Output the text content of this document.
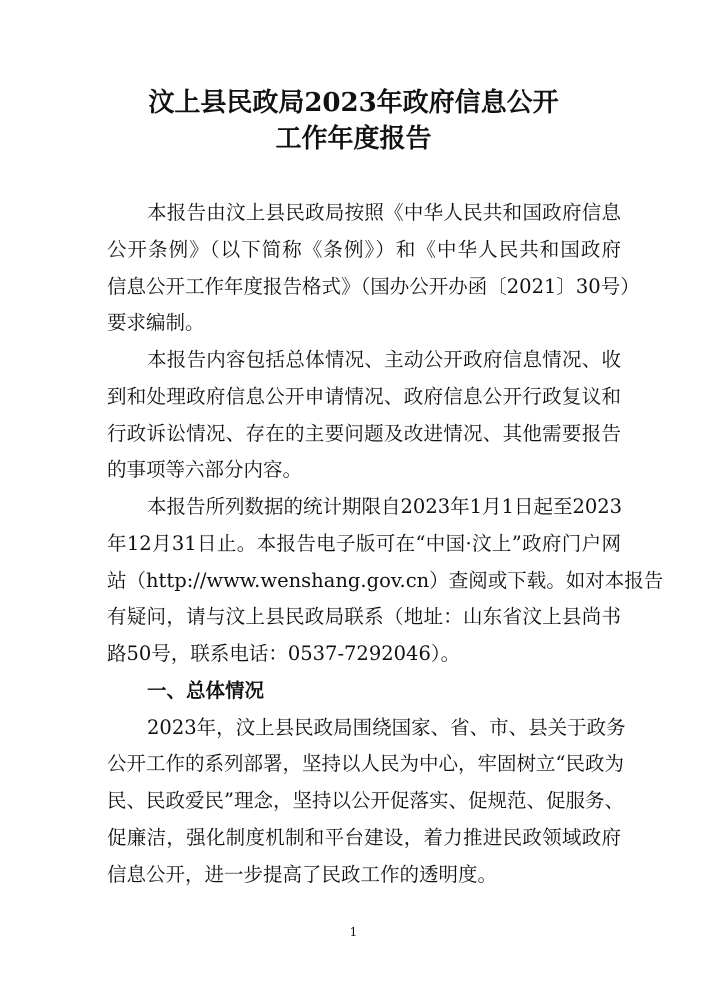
汶上县民政局2023年政府信息公开
工作年度报告
本报告由汶上县民政局按照《中华人民共和国政府信息
公开条例》（以下简称《条例》）和《中华人民共和国政府
信息公开工作年度报告格式》（国办公开办函〔2021〕30号）
要求编制。
本报告内容包括总体情况、主动公开政府信息情况、收
到和处理政府信息公开申请情况、政府信息公开行政复议和
行政诉讼情况、存在的主要问题及改进情况、其他需要报告
的事项等六部分内容。
本报告所列数据的统计期限自2023年1月1日起至2023
年12月31日止。本报告电子版可在“中国·汶上”政府门户网
站（http://www.wenshang.gov.cn）查阅或下载。如对本报告
有疑问，请与汶上县民政局联系（地址：山东省汶上县尚书
路50号，联系电话：0537-7292046）。
一、总体情况
2023年，汶上县民政局围绕国家、省、市、县关于政务
公开工作的系列部署，坚持以人民为中心，牢固树立“民政为
民、民政爱民”理念，坚持以公开促落实、促规范、促服务、
促廉洁，强化制度机制和平台建设，着力推进民政领域政府
信息公开，进一步提高了民政工作的透明度。
1
